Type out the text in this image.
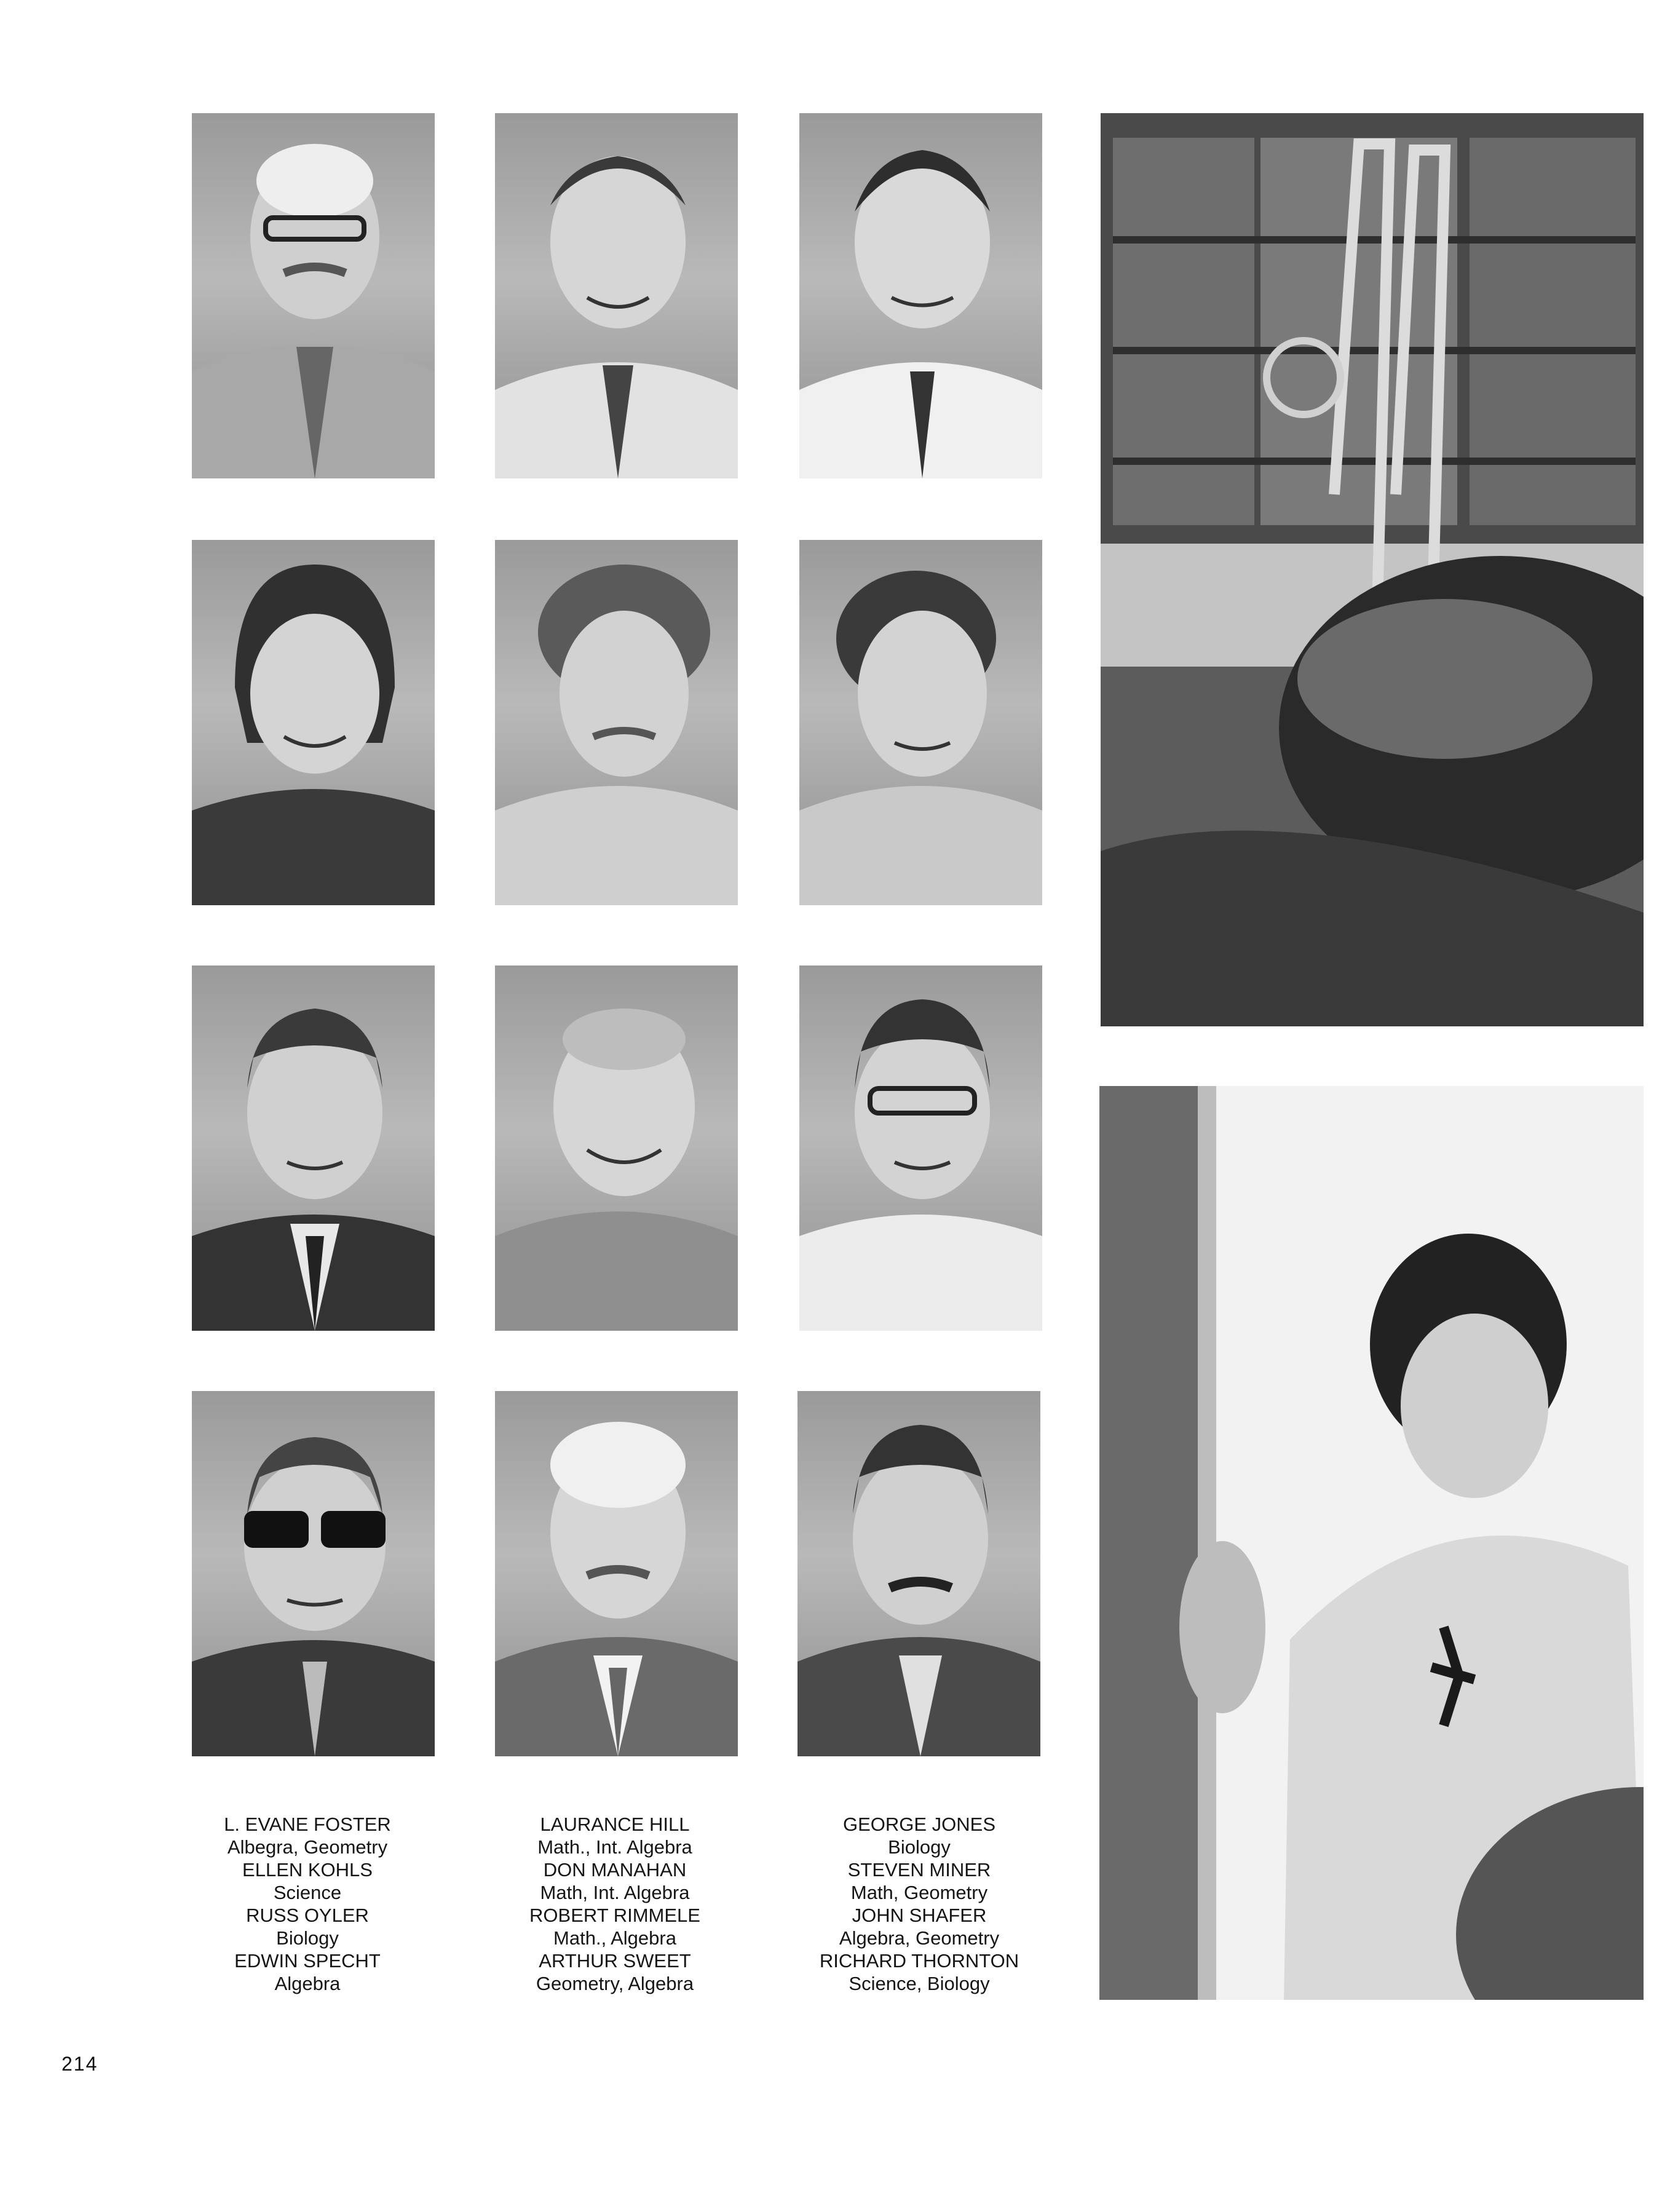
L. EVANE FOSTER
Albegra, Geometry
ELLEN KOHLS
Science
RUSS OYLER
Biology
EDWIN SPECHT
Algebra
LAURANCE HILL
Math., Int. Algebra
DON MANAHAN
Math, Int. Algebra
ROBERT RIMMELE
Math., Algebra
ARTHUR SWEET
Geometry, Algebra
GEORGE JONES
Biology
STEVEN MINER
Math, Geometry
JOHN SHAFER
Algebra, Geometry
RICHARD THORNTON
Science, Biology
214
